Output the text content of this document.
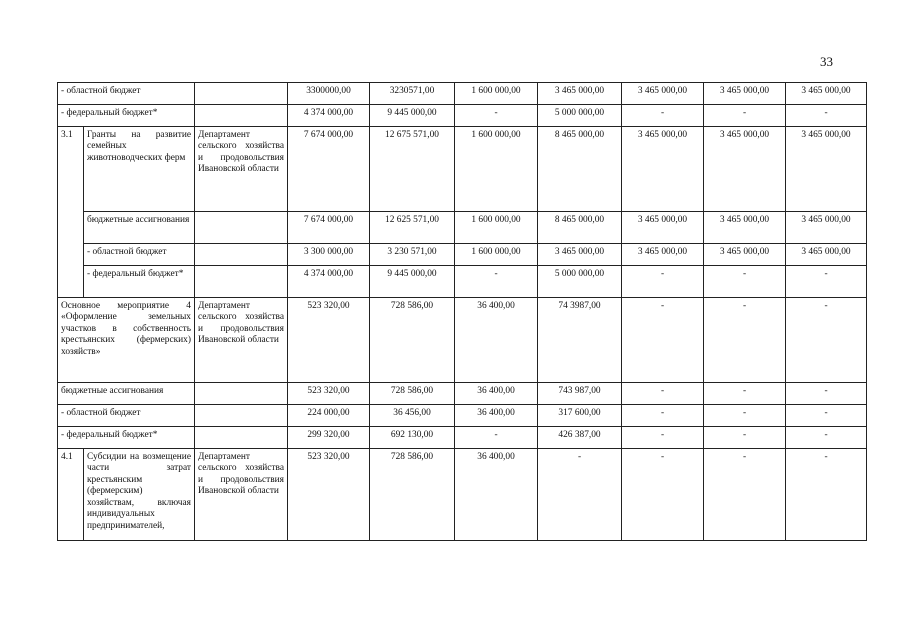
33
- областной бюджет			3300000,00	3230571,00	1 600 000,00	3 465 000,00	3 465 000,00	3 465 000,00	3 465 000,00
- федеральный бюджет*			4 374 000,00	9 445 000,00	-	5 000 000,00	-	-	-
3.1	Гранты на развитие семейных животноводческих ферм	Департамент сельского хозяйства и продовольствия Ивановской области	7 674 000,00	12 675 571,00	1 600 000,00	8 465 000,00	3 465 000,00	3 465 000,00	3 465 000,00
	бюджетные ассигнования		7 674 000,00	12 625 571,00	1 600 000,00	8 465 000,00	3 465 000,00	3 465 000,00	3 465 000,00
	- областной бюджет		3 300 000,00	3 230 571,00	1 600 000,00	3 465 000,00	3 465 000,00	3 465 000,00	3 465 000,00
	- федеральный бюджет*		4 374 000,00	9 445 000,00	-	5 000 000,00	-	-	-
Основное мероприятие 4 «Оформление земельных участков в собственность крестьянских (фермерских) хозяйств»		Департамент сельского хозяйства и продовольствия Ивановской области	523 320,00	728 586,00	36 400,00	74 3987,00	-	-	-
бюджетные ассигнования			523 320,00	728 586,00	36 400,00	743 987,00	-	-	-
- областной бюджет			224 000,00	36 456,00	36 400,00	317 600,00	-	-	-
- федеральный бюджет*			299 320,00	692 130,00	-	426 387,00	-	-	-
4.1	Субсидии на возмещение части затрат крестьянским (фермерским) хозяйствам, включая индивидуальных предпринимателей,	Департамент сельского хозяйства и продовольствия Ивановской области	523 320,00	728 586,00	36 400,00	-	-	-	-
